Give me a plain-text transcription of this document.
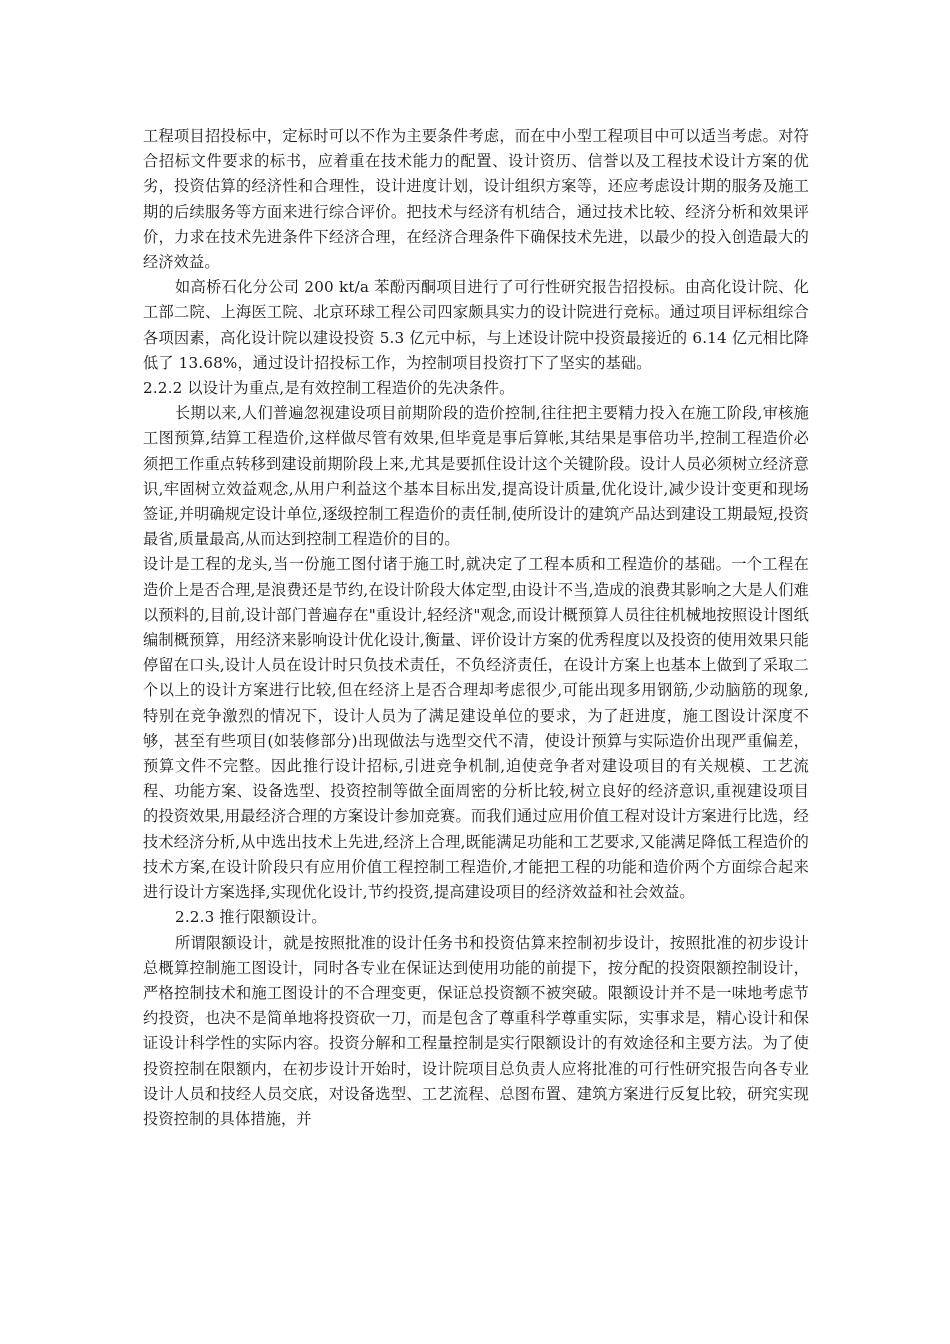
工程项目招投标中，定标时可以不作为主要条件考虑，而在中小型工程项目中可以适当考虑。对符合招标文件要求的标书，应着重在技术能力的配置、设计资历、信誉以及工程技术设计方案的优劣，投资估算的经济性和合理性，设计进度计划，设计组织方案等，还应考虑设计期的服务及施工期的后续服务等方面来进行综合评价。把技术与经济有机结合，通过技术比较、经济分析和效果评价，力求在技术先进条件下经济合理，在经济合理条件下确保技术先进，以最少的投入创造最大的经济效益。

如高桥石化分公司 200 kt/a 苯酚丙酮项目进行了可行性研究报告招投标。由高化设计院、化工部二院、上海医工院、北京环球工程公司四家颇具实力的设计院进行竞标。通过项目评标组综合各项因素，高化设计院以建设投资 5.3 亿元中标，与上述设计院中投资最接近的 6.14 亿元相比降低了 13.68%，通过设计招投标工作，为控制项目投资打下了坚实的基础。

2.2.2 以设计为重点,是有效控制工程造价的先决条件。

长期以来,人们普遍忽视建设项目前期阶段的造价控制,往往把主要精力投入在施工阶段,审核施工图预算,结算工程造价,这样做尽管有效果,但毕竟是事后算帐,其结果是事倍功半,控制工程造价必须把工作重点转移到建设前期阶段上来,尤其是要抓住设计这个关键阶段。设计人员必须树立经济意识,牢固树立效益观念,从用户利益这个基本目标出发,提高设计质量,优化设计,减少设计变更和现场签证,并明确规定设计单位,逐级控制工程造价的责任制,使所设计的建筑产品达到建设工期最短,投资最省,质量最高,从而达到控制工程造价的目的。

设计是工程的龙头,当一份施工图付诸于施工时,就决定了工程本质和工程造价的基础。一个工程在造价上是否合理,是浪费还是节约,在设计阶段大体定型,由设计不当,造成的浪费其影响之大是人们难以预料的,目前,设计部门普遍存在"重设计,轻经济"观念,而设计概预算人员往往机械地按照设计图纸编制概预算，用经济来影响设计优化设计,衡量、评价设计方案的优秀程度以及投资的使用效果只能停留在口头,设计人员在设计时只负技术责任，不负经济责任，在设计方案上也基本上做到了采取二个以上的设计方案进行比较,但在经济上是否合理却考虑很少,可能出现多用钢筋,少动脑筋的现象, 特别在竞争激烈的情况下，设计人员为了满足建设单位的要求，为了赶进度，施工图设计深度不够，甚至有些项目(如装修部分)出现做法与选型交代不清，使设计预算与实际造价出现严重偏差，预算文件不完整。因此推行设计招标,引进竞争机制,迫使竞争者对建设项目的有关规模、工艺流程、功能方案、设备选型、投资控制等做全面周密的分析比较,树立良好的经济意识,重视建设项目的投资效果,用最经济合理的方案设计参加竞赛。而我们通过应用价值工程对设计方案进行比选，经技术经济分析,从中选出技术上先进,经济上合理,既能满足功能和工艺要求,又能满足降低工程造价的技术方案,在设计阶段只有应用价值工程控制工程造价,才能把工程的功能和造价两个方面综合起来进行设计方案选择,实现优化设计,节约投资,提高建设项目的经济效益和社会效益。

2.2.3 推行限额设计。

所谓限额设计，就是按照批准的设计任务书和投资估算来控制初步设计，按照批准的初步设计总概算控制施工图设计，同时各专业在保证达到使用功能的前提下，按分配的投资限额控制设计，严格控制技术和施工图设计的不合理变更，保证总投资额不被突破。限额设计并不是一味地考虑节约投资，也决不是简单地将投资砍一刀，而是包含了尊重科学尊重实际，实事求是，精心设计和保证设计科学性的实际内容。投资分解和工程量控制是实行限额设计的有效途径和主要方法。为了使投资控制在限额内，在初步设计开始时，设计院项目总负责人应将批准的可行性研究报告向各专业设计人员和技经人员交底，对设备选型、工艺流程、总图布置、建筑方案进行反复比较，研究实现投资控制的具体措施，并
